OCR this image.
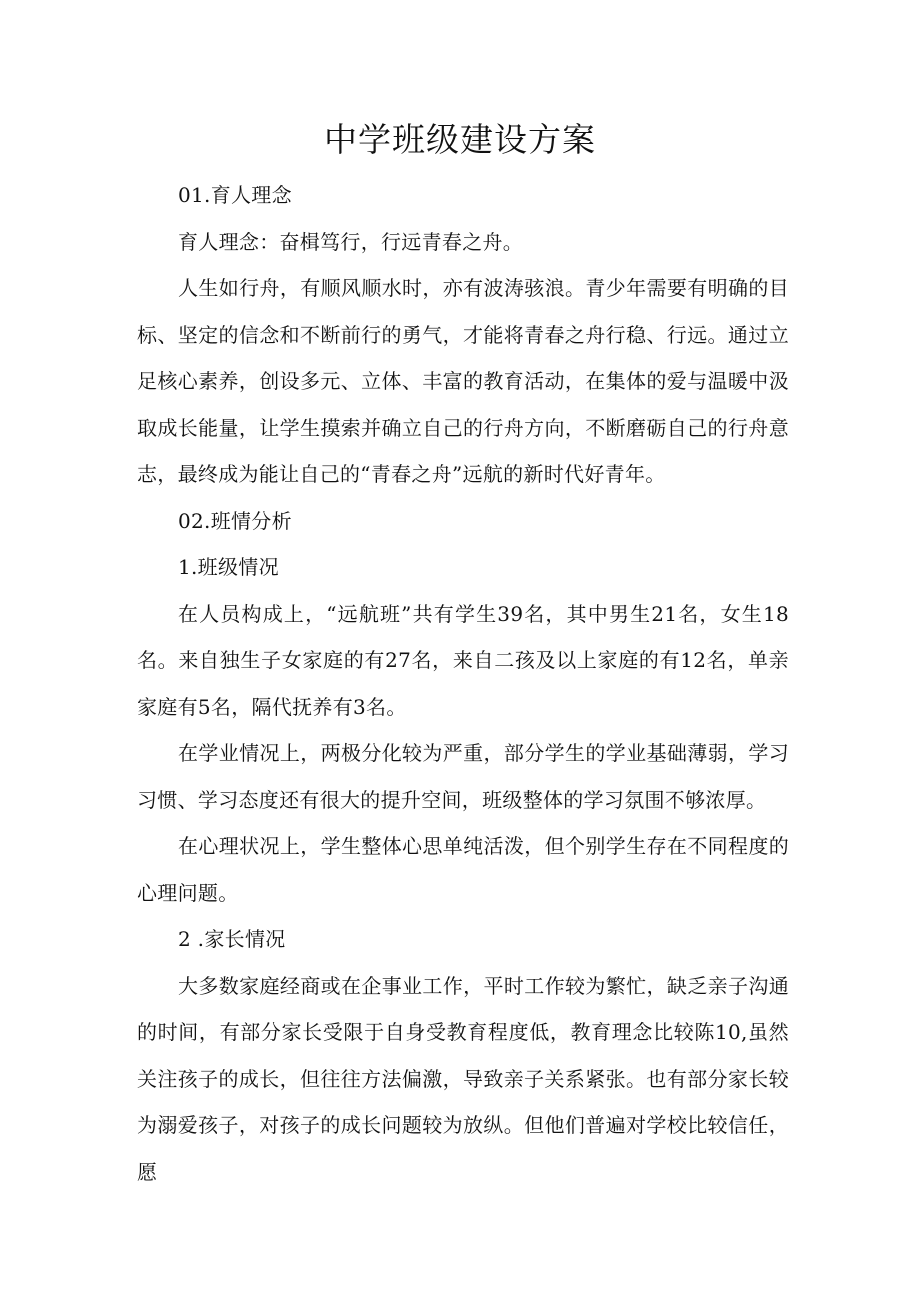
中学班级建设方案

01.育人理念

育人理念：奋楫笃行，行远青春之舟。

人生如行舟，有顺风顺水时，亦有波涛骇浪。青少年需要有明确的目标、坚定的信念和不断前行的勇气，才能将青春之舟行稳、行远。通过立足核心素养，创设多元、立体、丰富的教育活动，在集体的爱与温暖中汲取成长能量，让学生摸索并确立自己的行舟方向，不断磨砺自己的行舟意志，最终成为能让自己的“青春之舟”远航的新时代好青年。

02.班情分析

1.班级情况

在人员构成上，“远航班”共有学生39名，其中男生21名，女生18名。来自独生子女家庭的有27名，来自二孩及以上家庭的有12名，单亲家庭有5名，隔代抚养有3名。

在学业情况上，两极分化较为严重，部分学生的学业基础薄弱，学习习惯、学习态度还有很大的提升空间，班级整体的学习氛围不够浓厚。

在心理状况上，学生整体心思单纯活泼，但个别学生存在不同程度的心理问题。

2 .家长情况

大多数家庭经商或在企事业工作，平时工作较为繁忙，缺乏亲子沟通的时间，有部分家长受限于自身受教育程度低，教育理念比较陈10,虽然关注孩子的成长，但往往方法偏激，导致亲子关系紧张。也有部分家长较为溺爱孩子，对孩子的成长问题较为放纵。但他们普遍对学校比较信任，愿
